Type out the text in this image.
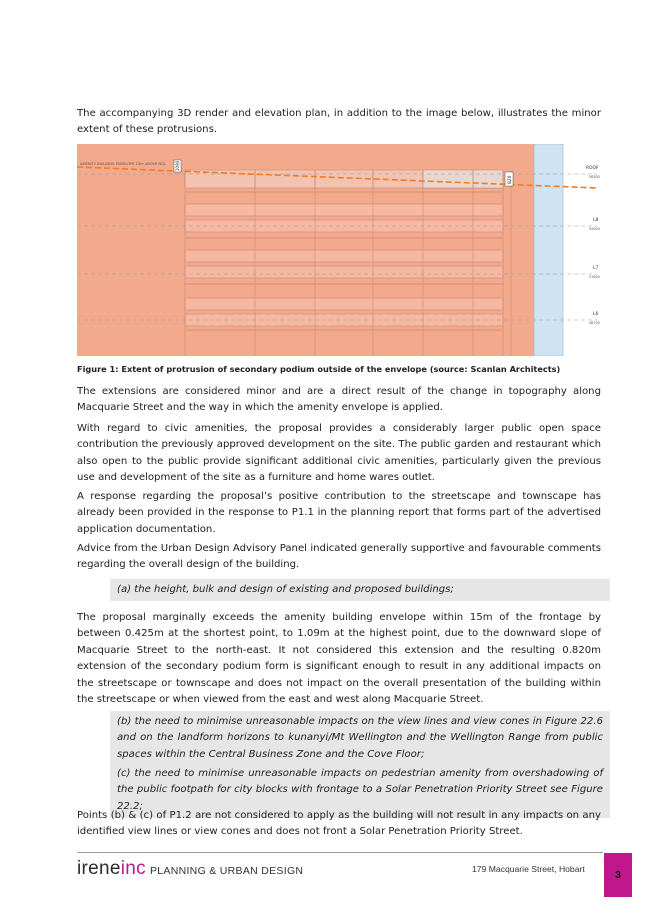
The accompanying 3D render and elevation plan, in addition to the image below, illustrates the minor extent of these protrusions.

AMENITY BUILDING ENVELOPE 15m ABOVE NGL 1090
820
ROOF
58300
L8
54900
L7
51800
L6
48700

Figure 1: Extent of protrusion of secondary podium outside of the envelope (source: Scanlan Architects)

The extensions are considered minor and are a direct result of the change in topography along Macquarie Street and the way in which the amenity envelope is applied.

With regard to civic amenities, the proposal provides a considerably larger public open space contribution the previously approved development on the site. The public garden and restaurant which also open to the public provide significant additional civic amenities, particularly given the previous use and development of the site as a furniture and home wares outlet.

A response regarding the proposal’s positive contribution to the streetscape and townscape has already been provided in the response to P1.1 in the planning report that forms part of the advertised application documentation.

Advice from the Urban Design Advisory Panel indicated generally supportive and favourable comments regarding the overall design of the building.

(a) the height, bulk and design of existing and proposed buildings;

The proposal marginally exceeds the amenity building envelope within 15m of the frontage by between 0.425m at the shortest point, to 1.09m at the highest point, due to the downward slope of Macquarie Street to the north-east. It not considered this extension and the resulting 0.820m extension of the secondary podium form is significant enough to result in any additional impacts on the streetscape or townscape and does not impact on the overall presentation of the building within the streetscape or when viewed from the east and west along Macquarie Street.

(b) the need to minimise unreasonable impacts on the view lines and view cones in Figure 22.6 and on the landform horizons to kunanyi/Mt Wellington and the Wellington Range from public spaces within the Central Business Zone and the Cove Floor;

(c) the need to minimise unreasonable impacts on pedestrian amenity from overshadowing of the public footpath for city blocks with frontage to a Solar Penetration Priority Street see Figure 22.2;

Points (b) & (c) of P1.2 are not considered to apply as the building will not result in any impacts on any identified view lines or view cones and does not front a Solar Penetration Priority Street.

ireneinc PLANNING & URBAN DESIGN	179 Macquarie Street, Hobart	3
